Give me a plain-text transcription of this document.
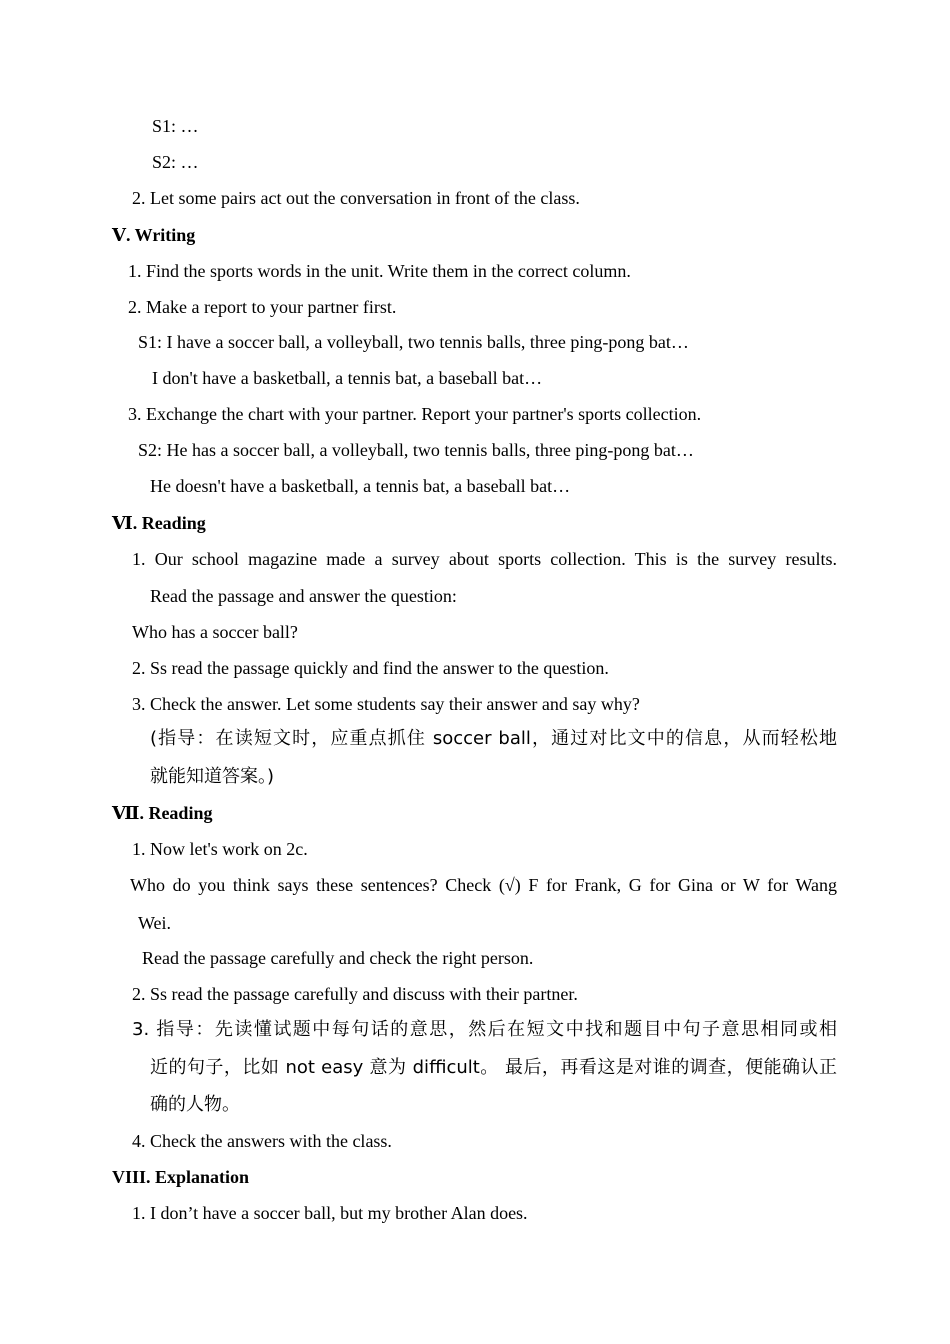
S1: …
S2: …
2. Let some pairs act out the conversation in front of the class.
Ⅴ. Writing
1. Find the sports words in the unit. Write them in the correct column.
2. Make a report to your partner first.
S1: I have a soccer ball, a volleyball, two tennis balls, three ping-pong bat…
I don't have a basketball, a tennis bat, a baseball bat…
3. Exchange the chart with your partner. Report your partner's sports collection.
S2: He has a soccer ball, a volleyball, two tennis balls, three ping-pong bat…
He doesn't have a basketball, a tennis bat, a baseball bat…
Ⅵ. Reading
1. Our school magazine made a survey about sports collection. This is the survey results.
Read the passage and answer the question:
Who has a soccer ball?
2. Ss read the passage quickly and find the answer to the question.
3. Check the answer. Let some students say their answer and say why?
(指导：在读短文时，应重点抓住 soccer ball，通过对比文中的信息，从而轻松地
就能知道答案。)
Ⅶ. Reading
1. Now let's work on 2c.
Who do you think says these sentences? Check (√) F for Frank, G for Gina or W for Wang
Wei.
Read the passage carefully and check the right person.
2. Ss read the passage carefully and discuss with their partner.
3. 指导：先读懂试题中每句话的意思，然后在短文中找和题目中句子意思相同或相
近的句子，比如 not easy 意为 difficult。 最后，再看这是对谁的调查，便能确认正
确的人物。
4. Check the answers with the class.
VIII. Explanation
1. I don’t have a soccer ball, but my brother Alan does.
